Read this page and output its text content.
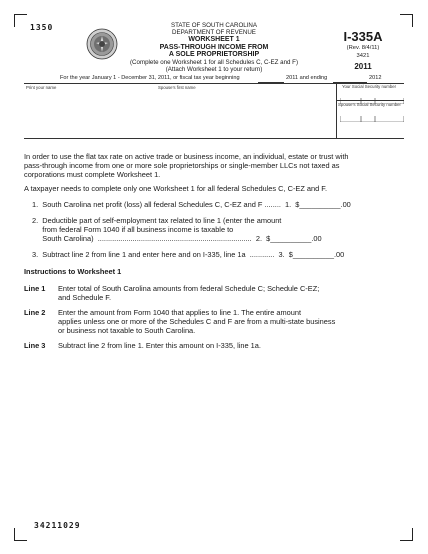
1350	STATE OF SOUTH CAROLINA
DEPARTMENT OF REVENUE
WORKSHEET 1
PASS-THROUGH INCOME FROM
A SOLE PROPRIETORSHIP
(Complete one Worksheet 1 for all Schedules C, C-EZ and F)
(Attach Worksheet 1 to your return)
I-335A
(Rev. 8/4/11)
3421
2011
For the year January 1 - December 31, 2011, or fiscal tax year beginning	2011 and ending	2012
Print your name	Spouse's first name	Your Social Security number
Spouse's Social Security number
In order to use the flat tax rate on active trade or business income, an individual, estate or trust with
pass-through income from one or more sole proprietorships or single-member LLCs not taxed as
corporations must complete Worksheet 1.
A taxpayer needs to complete only one Worksheet 1 for all federal Schedules C, C-EZ and F.
1.  South Carolina net profit (loss) all federal Schedules C, C-EZ and F ........  1.  $__________.00
2.  Deductible part of self-employment tax related to line 1 (enter the amount
from federal Form 1040 if all business income is taxable to
South Carolina)  ...........................................................................  2.  $__________.00
3.  Subtract line 2 from line 1 and enter here and on I-335, line 1a  ............  3.  $__________.00
Instructions to Worksheet 1
Line 1 Enter total of South Carolina amounts from federal Schedule C; Schedule C-EZ;
and Schedule F.
Line 2 Enter the amount from Form 1040 that applies to line 1. The entire amount
applies unless one or more of the Schedules C and F are from a multi-state business
or business not taxable to South Carolina.
Line 3 Subtract line 2 from line 1. Enter this amount on I-335, line 1a.
34211029
